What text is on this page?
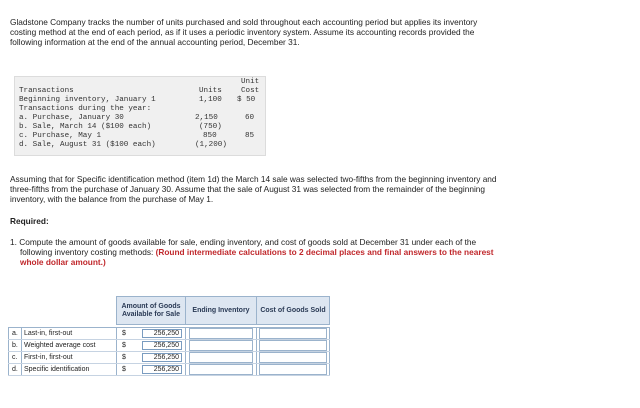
Gladstone Company tracks the number of units purchased and sold throughout each accounting period but applies its inventory

costing method at the end of each period, as if it uses a periodic inventory system. Assume its accounting records provided the

following information at the end of the annual accounting period, December 31.

Unit
Units	Cost
Transactions
Beginning inventory, January 1	1,100 $ 50
Transactions during the year:
a. Purchase, January 30	2,150	60
b. Sale, March 14 ($100 each)	(750)
c. Purchase, May 1	850	85
d. Sale, August 31 ($100 each)	(1,200)

Assuming that for Specific identification method (item 1d) the March 14 sale was selected two-fifths from the beginning inventory and

three-fifths from the purchase of January 30. Assume that the sale of August 31 was selected from the remainder of the beginning

inventory, with the balance from the purchase of May 1.

Required:

1. Compute the amount of goods available for sale, ending inventory, and cost of goods sold at December 31 under each of the

following inventory costing methods: (Round intermediate calculations to 2 decimal places and final answers to the nearest

whole dollar amount.)

		Amount of Goods Available for Sale		Ending Inventory	Cost of Goods Sold

a.	Last-in, first-out	$	256,250	

b.	Weighted average cost	$	256,250	

c.	First-in, first-out	$	256,250	

d.	Specific identification	$	256,250	
